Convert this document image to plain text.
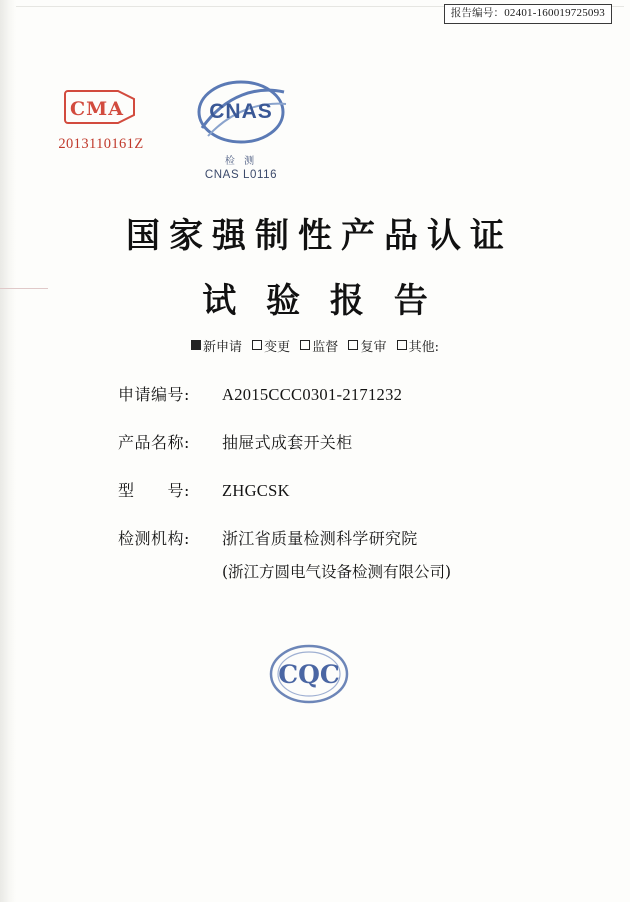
报告编号：02401-160019725093
CMA
2013110161Z
CNAS
检 测
CNAS L0116
国家强制性产品认证
试 验 报 告
新申请 变更 监督 复审 其他:
申请编号:	A2015CCC0301-2171232
产品名称:	抽屉式成套开关柜
型　　号:	ZHGCSK
检测机构:	浙江省质量检测科学研究院
(浙江方圆电气设备检测有限公司)
CQC
